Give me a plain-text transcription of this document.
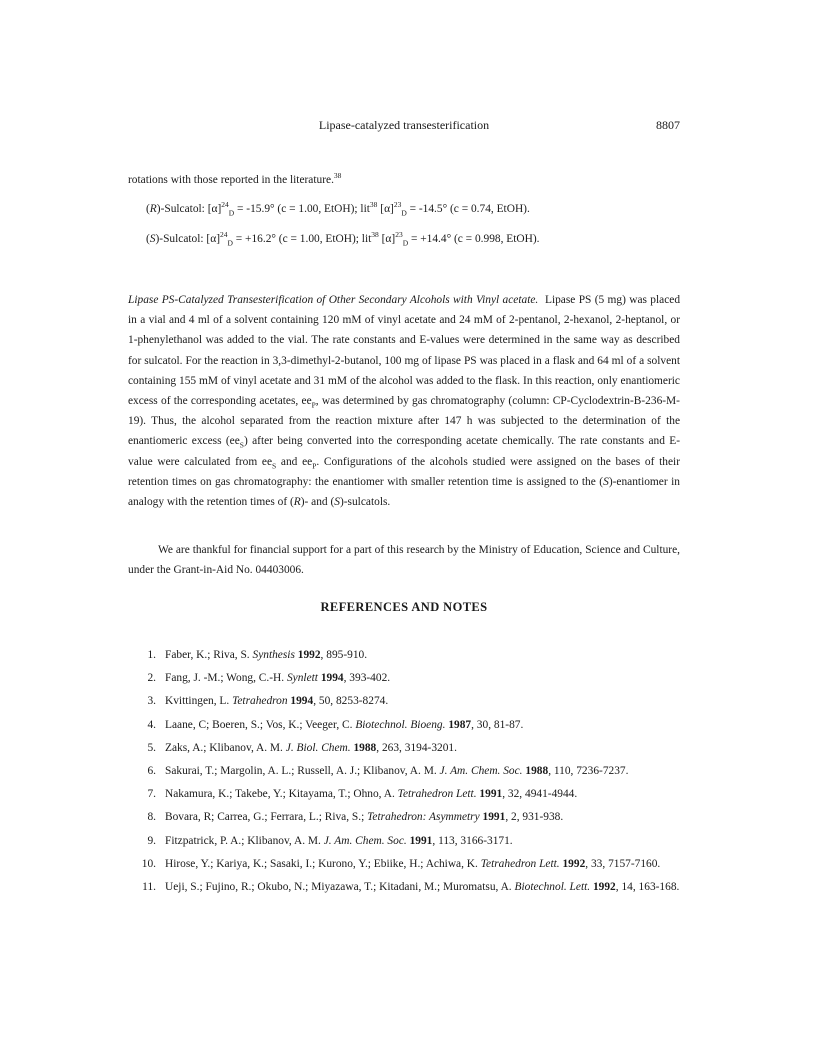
Lipase-catalyzed transesterification	8807
rotations with those reported in the literature.$^{38}$
(R)-Sulcatol: $[\alpha]^{24}_D = -15.9^\circ$ (c = 1.00, EtOH); lit$^{38}$ $[\alpha]^{23}_D = -14.5^\circ$ (c = 0.74, EtOH).
(S)-Sulcatol: $[\alpha]^{24}_D = +16.2^\circ$ (c = 1.00, EtOH); lit$^{38}$ $[\alpha]^{23}_D = +14.4^\circ$ (c = 0.998, EtOH).
Lipase PS-Catalyzed Transesterification of Other Secondary Alcohols with Vinyl acetate. Lipase PS (5 mg) was placed in a vial and 4 ml of a solvent containing 120 mM of vinyl acetate and 24 mM of 2-pentanol, 2-hexanol, 2-heptanol, or 1-phenylethanol was added to the vial. The rate constants and E-values were determined in the same way as described for sulcatol. For the reaction in 3,3-dimethyl-2-butanol, 100 mg of lipase PS was placed in a flask and 64 ml of a solvent containing 155 mM of vinyl acetate and 31 mM of the alcohol was added to the flask. In this reaction, only enantiomeric excess of the corresponding acetates, $ee_P$, was determined by gas chromatography (column: CP-Cyclodextrin-B-236-M-19). Thus, the alcohol separated from the reaction mixture after 147 h was subjected to the determination of the enantiomeric excess $(ee_S)$ after being converted into the corresponding acetate chemically. The rate constants and E-value were calculated from $ee_S$ and $ee_P$. Configurations of the alcohols studied were assigned on the bases of their retention times on gas chromatography: the enantiomer with smaller retention time is assigned to the (S)-enantiomer in analogy with the retention times of (R)- and (S)-sulcatols.
We are thankful for financial support for a part of this research by the Ministry of Education, Science and Culture, under the Grant-in-Aid No. 04403006.
REFERENCES AND NOTES
1. Faber, K.; Riva, S. Synthesis 1992, 895-910.
2. Fang, J. -M.; Wong, C.-H. Synlett 1994, 393-402.
3. Kvittingen, L. Tetrahedron 1994, 50, 8253-8274.
4. Laane, C; Boeren, S.; Vos, K.; Veeger, C. Biotechnol. Bioeng. 1987, 30, 81-87.
5. Zaks, A.; Klibanov, A. M. J. Biol. Chem. 1988, 263, 3194-3201.
6. Sakurai, T.; Margolin, A. L.; Russell, A. J.; Klibanov, A. M. J. Am. Chem. Soc. 1988, 110, 7236-7237.
7. Nakamura, K.; Takebe, Y.; Kitayama, T.; Ohno, A. Tetrahedron Lett. 1991, 32, 4941-4944.
8. Bovara, R; Carrea, G.; Ferrara, L.; Riva, S.; Tetrahedron: Asymmetry 1991, 2, 931-938.
9. Fitzpatrick, P. A.; Klibanov, A. M. J. Am. Chem. Soc. 1991, 113, 3166-3171.
10. Hirose, Y.; Kariya, K.; Sasaki, I.; Kurono, Y.; Ebiike, H.; Achiwa, K. Tetrahedron Lett. 1992, 33, 7157-7160.
11. Ueji, S.; Fujino, R.; Okubo, N.; Miyazawa, T.; Kitadani, M.; Muromatsu, A. Biotechnol. Lett. 1992, 14, 163-168.
